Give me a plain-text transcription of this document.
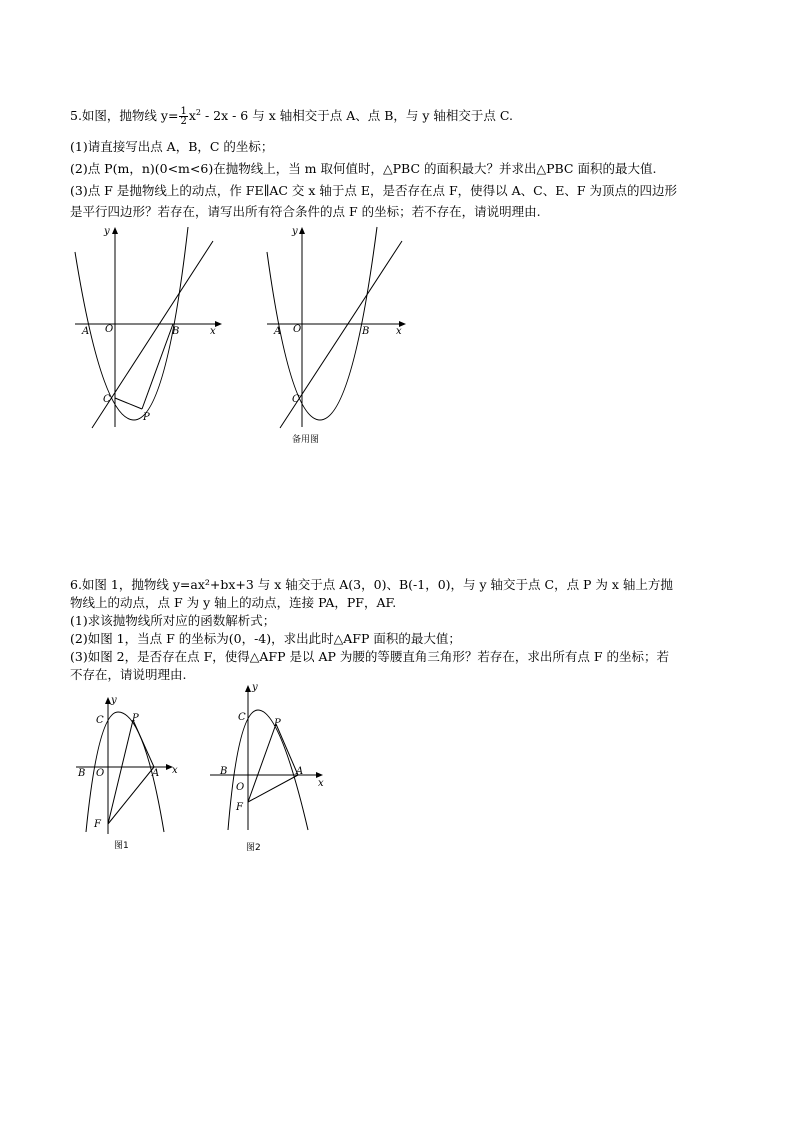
5.如图，抛物线 $y= \frac{1}{2} x^2 - 2x - 6$ 与 x 轴相交于点 A、点 B，与 y 轴相交于点 C.
(1)请直接写出点 A，B，C 的坐标；
(2)点 P(m，n)(0<m<6)在抛物线上，当 m 取何值时，△PBC 的面积最大？并求出△PBC 面积的最大值.
(3)点 F 是抛物线上的动点，作 FE∥AC 交 x 轴于点 E，是否存在点 F，使得以 A、C、E、F 为顶点的四边形
是平行四边形？若存在，请写出所有符合条件的点 F 的坐标；若不存在，请说明理由.
y
x
A O	B
C
P
y
x
A O	B
C
备用图
6.如图 1，抛物线 y=ax²+bx+3 与 x 轴交于点 A(3，0)、B(-1，0)，与 y 轴交于点 C，点 P 为 x 轴上方抛
物线上的动点，点 F 为 y 轴上的动点，连接 PA，PF，AF.
(1)求该抛物线所对应的函数解析式；
(2)如图 1，当点 F 的坐标为(0，-4)，求出此时△AFP 面积的最大值；
(3)如图 2，是否存在点 F，使得△AFP 是以 AP 为腰的等腰直角三角形？若存在，求出所有点 F 的坐标；若
不存在，请说明理由.
y
x
C	P
B O	A
F
图1
y
x
C
P
B	A
O
F
图2
